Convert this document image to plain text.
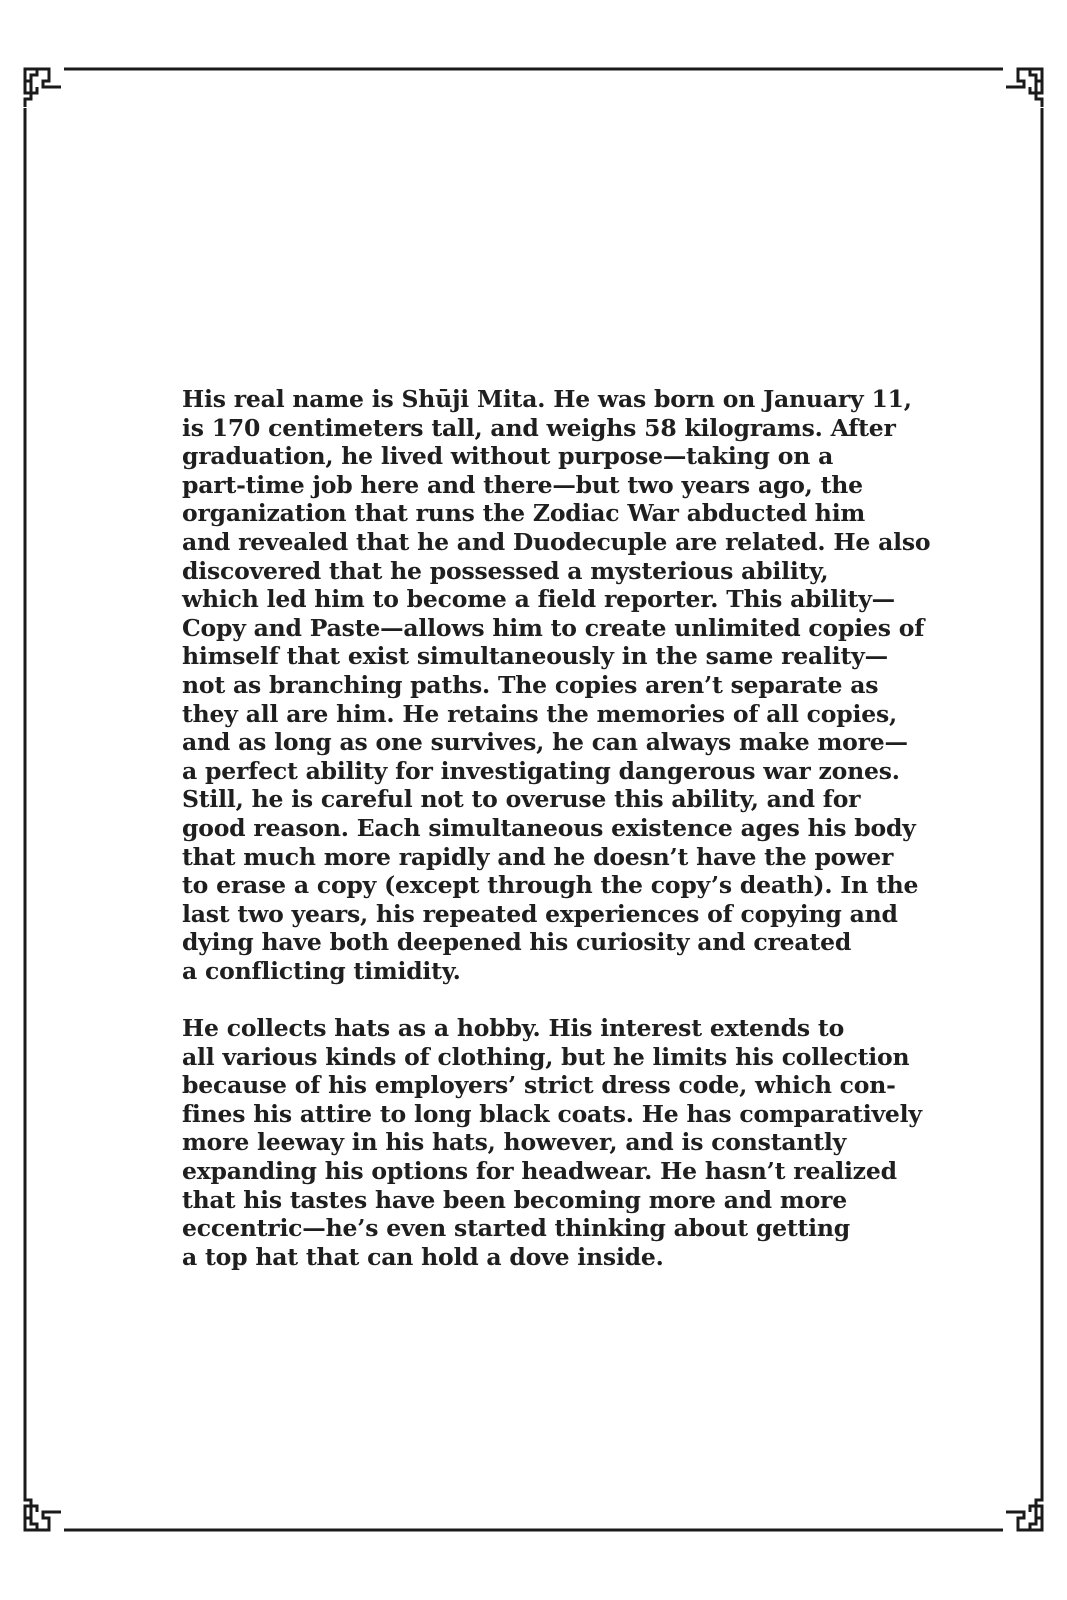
His real name is Shūji Mita. He was born on January 11,
is 170 centimeters tall, and weighs 58 kilograms. After
graduation, he lived without purpose—taking on a
part-time job here and there—but two years ago, the
organization that runs the Zodiac War abducted him
and revealed that he and Duodecuple are related. He also
discovered that he possessed a mysterious ability,
which led him to become a field reporter. This ability—
Copy and Paste—allows him to create unlimited copies of
himself that exist simultaneously in the same reality—
not as branching paths. The copies aren’t separate as
they all are him. He retains the memories of all copies,
and as long as one survives, he can always make more—
a perfect ability for investigating dangerous war zones.
Still, he is careful not to overuse this ability, and for
good reason. Each simultaneous existence ages his body
that much more rapidly and he doesn’t have the power
to erase a copy (except through the copy’s death). In the
last two years, his repeated experiences of copying and
dying have both deepened his curiosity and created
a conflicting timidity.

He collects hats as a hobby. His interest extends to
all various kinds of clothing, but he limits his collection
because of his employers’ strict dress code, which con-
fines his attire to long black coats. He has comparatively
more leeway in his hats, however, and is constantly
expanding his options for headwear. He hasn’t realized
that his tastes have been becoming more and more
eccentric—he’s even started thinking about getting
a top hat that can hold a dove inside.
